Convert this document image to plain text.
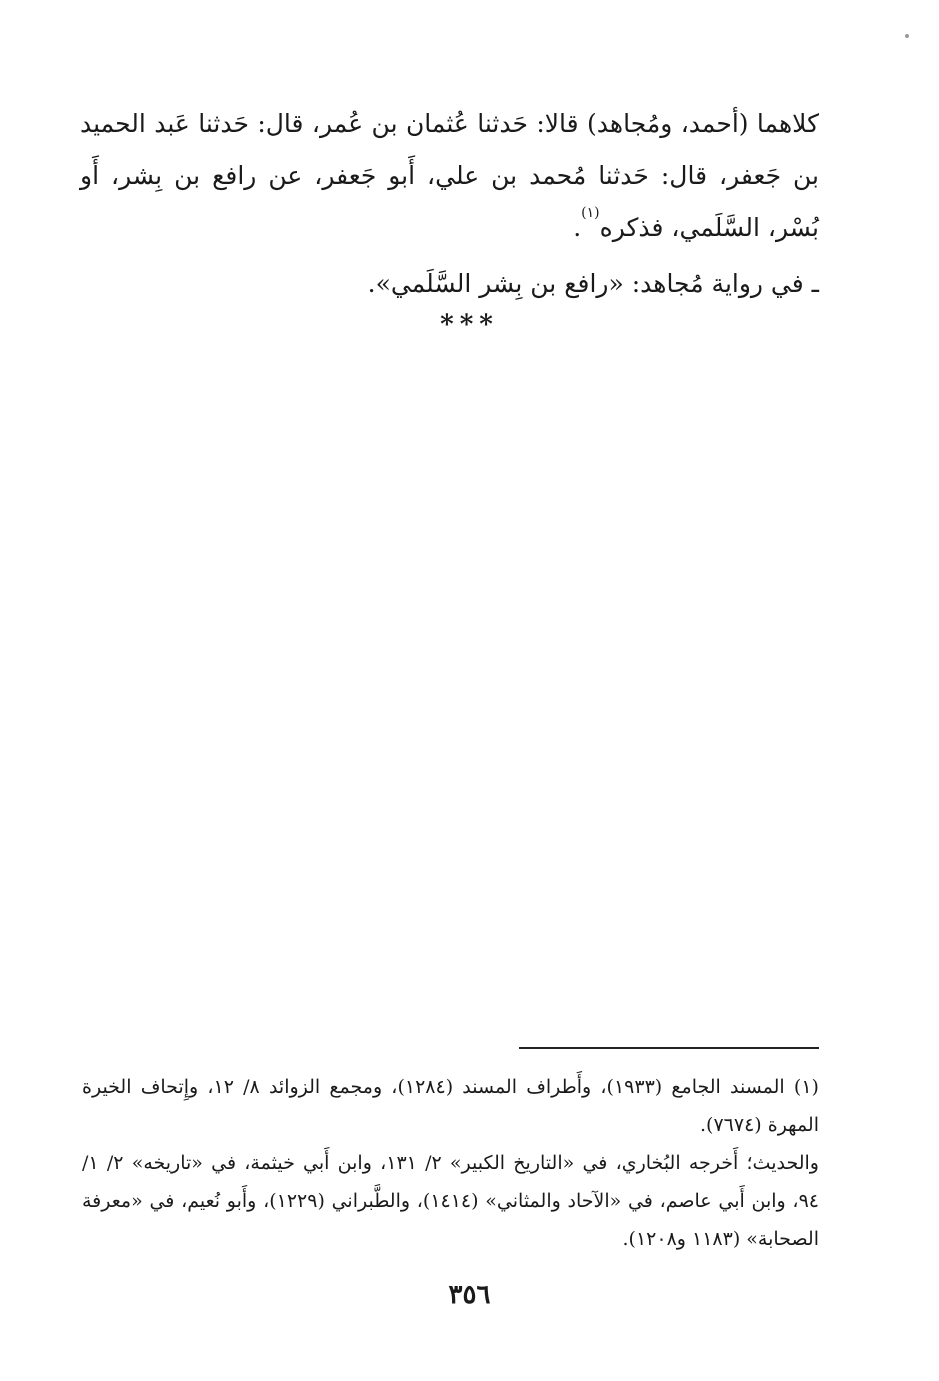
كلاهما (أحمد، ومُجاهد) قالا: حَدثنا عُثمان بن عُمر، قال: حَدثنا عَبد الحميد بن جَعفر، قال: حَدثنا مُحمد بن علي، أَبو جَعفر، عن رافع بن بِشر، أَو بُسْر، السَّلَمي، فذكره$^{(١)}$.

ـ في رواية مُجاهد: «رافع بن بِشر السَّلَمي».
***

(١) المسند الجامع (١٩٣٣)، وأَطراف المسند (١٢٨٤)، ومجمع الزوائد ٨/ ١٢، وإِتحاف الخيرة المهرة (٧٦٧٤).

والحديث؛ أَخرجه البُخاري، في «التاريخ الكبير» ٢/ ١٣١، وابن أَبي خيثمة، في «تاريخه» ٢/ ١/ ٩٤، وابن أَبي عاصم، في «الآحاد والمثاني» (١٤١٤)، والطَّبراني (١٢٢٩)، وأَبو نُعيم، في «معرفة الصحابة» (١١٨٣ و١٢٠٨).

٣٥٦
